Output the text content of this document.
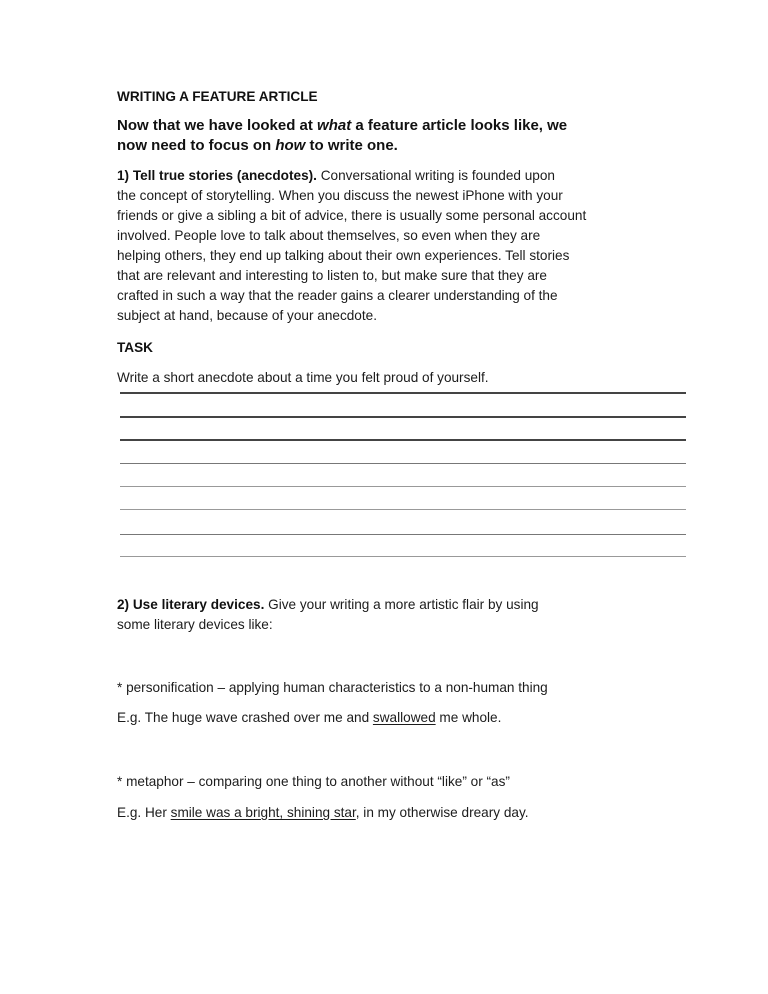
WRITING A FEATURE ARTICLE
Now that we have looked at what a feature article looks like, we
now need to focus on how to write one.
1) Tell true stories (anecdotes). Conversational writing is founded upon
the concept of storytelling. When you discuss the newest iPhone with your
friends or give a sibling a bit of advice, there is usually some personal account
involved. People love to talk about themselves, so even when they are
helping others, they end up talking about their own experiences. Tell stories
that are relevant and interesting to listen to, but make sure that they are
crafted in such a way that the reader gains a clearer understanding of the
subject at hand, because of your anecdote.
TASK
Write a short anecdote about a time you felt proud of yourself.
2) Use literary devices. Give your writing a more artistic flair by using
some literary devices like:
* personification – applying human characteristics to a non-human thing
E.g. The huge wave crashed over me and swallowed me whole.
* metaphor – comparing one thing to another without “like” or “as”
E.g. Her smile was a bright, shining star, in my otherwise dreary day.
